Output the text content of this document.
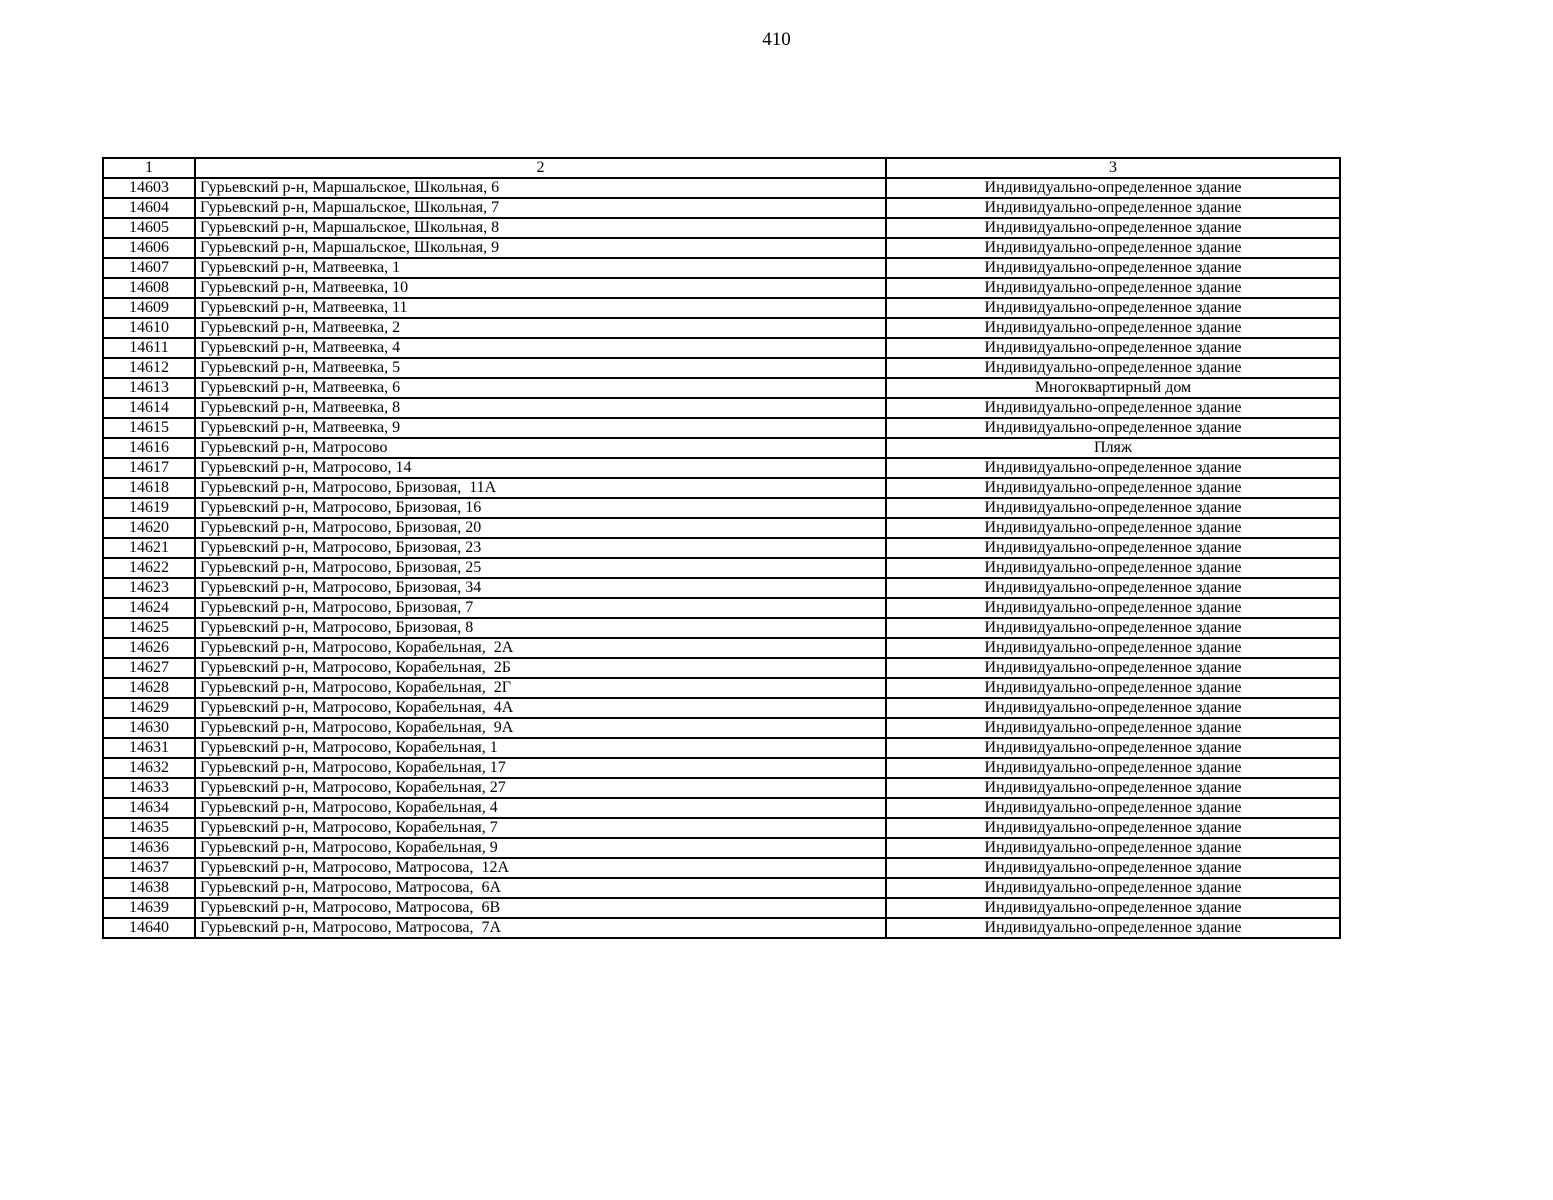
410
1	2	3
14603	Гурьевский р-н, Маршальское, Школьная, 6	Индивидуально-определенное здание
14604	Гурьевский р-н, Маршальское, Школьная, 7	Индивидуально-определенное здание
14605	Гурьевский р-н, Маршальское, Школьная, 8	Индивидуально-определенное здание
14606	Гурьевский р-н, Маршальское, Школьная, 9	Индивидуально-определенное здание
14607	Гурьевский р-н, Матвеевка, 1	Индивидуально-определенное здание
14608	Гурьевский р-н, Матвеевка, 10	Индивидуально-определенное здание
14609	Гурьевский р-н, Матвеевка, 11	Индивидуально-определенное здание
14610	Гурьевский р-н, Матвеевка, 2	Индивидуально-определенное здание
14611	Гурьевский р-н, Матвеевка, 4	Индивидуально-определенное здание
14612	Гурьевский р-н, Матвеевка, 5	Индивидуально-определенное здание
14613	Гурьевский р-н, Матвеевка, 6	Многоквартирный дом
14614	Гурьевский р-н, Матвеевка, 8	Индивидуально-определенное здание
14615	Гурьевский р-н, Матвеевка, 9	Индивидуально-определенное здание
14616	Гурьевский р-н, Матросово	Пляж
14617	Гурьевский р-н, Матросово, 14	Индивидуально-определенное здание
14618	Гурьевский р-н, Матросово, Бризовая,  11А	Индивидуально-определенное здание
14619	Гурьевский р-н, Матросово, Бризовая, 16	Индивидуально-определенное здание
14620	Гурьевский р-н, Матросово, Бризовая, 20	Индивидуально-определенное здание
14621	Гурьевский р-н, Матросово, Бризовая, 23	Индивидуально-определенное здание
14622	Гурьевский р-н, Матросово, Бризовая, 25	Индивидуально-определенное здание
14623	Гурьевский р-н, Матросово, Бризовая, 34	Индивидуально-определенное здание
14624	Гурьевский р-н, Матросово, Бризовая, 7	Индивидуально-определенное здание
14625	Гурьевский р-н, Матросово, Бризовая, 8	Индивидуально-определенное здание
14626	Гурьевский р-н, Матросово, Корабельная,  2А	Индивидуально-определенное здание
14627	Гурьевский р-н, Матросово, Корабельная,  2Б	Индивидуально-определенное здание
14628	Гурьевский р-н, Матросово, Корабельная,  2Г	Индивидуально-определенное здание
14629	Гурьевский р-н, Матросово, Корабельная,  4А	Индивидуально-определенное здание
14630	Гурьевский р-н, Матросово, Корабельная,  9А	Индивидуально-определенное здание
14631	Гурьевский р-н, Матросово, Корабельная, 1	Индивидуально-определенное здание
14632	Гурьевский р-н, Матросово, Корабельная, 17	Индивидуально-определенное здание
14633	Гурьевский р-н, Матросово, Корабельная, 27	Индивидуально-определенное здание
14634	Гурьевский р-н, Матросово, Корабельная, 4	Индивидуально-определенное здание
14635	Гурьевский р-н, Матросово, Корабельная, 7	Индивидуально-определенное здание
14636	Гурьевский р-н, Матросово, Корабельная, 9	Индивидуально-определенное здание
14637	Гурьевский р-н, Матросово, Матросова,  12А	Индивидуально-определенное здание
14638	Гурьевский р-н, Матросово, Матросова,  6А	Индивидуально-определенное здание
14639	Гурьевский р-н, Матросово, Матросова,  6В	Индивидуально-определенное здание
14640	Гурьевский р-н, Матросово, Матросова,  7А	Индивидуально-определенное здание
